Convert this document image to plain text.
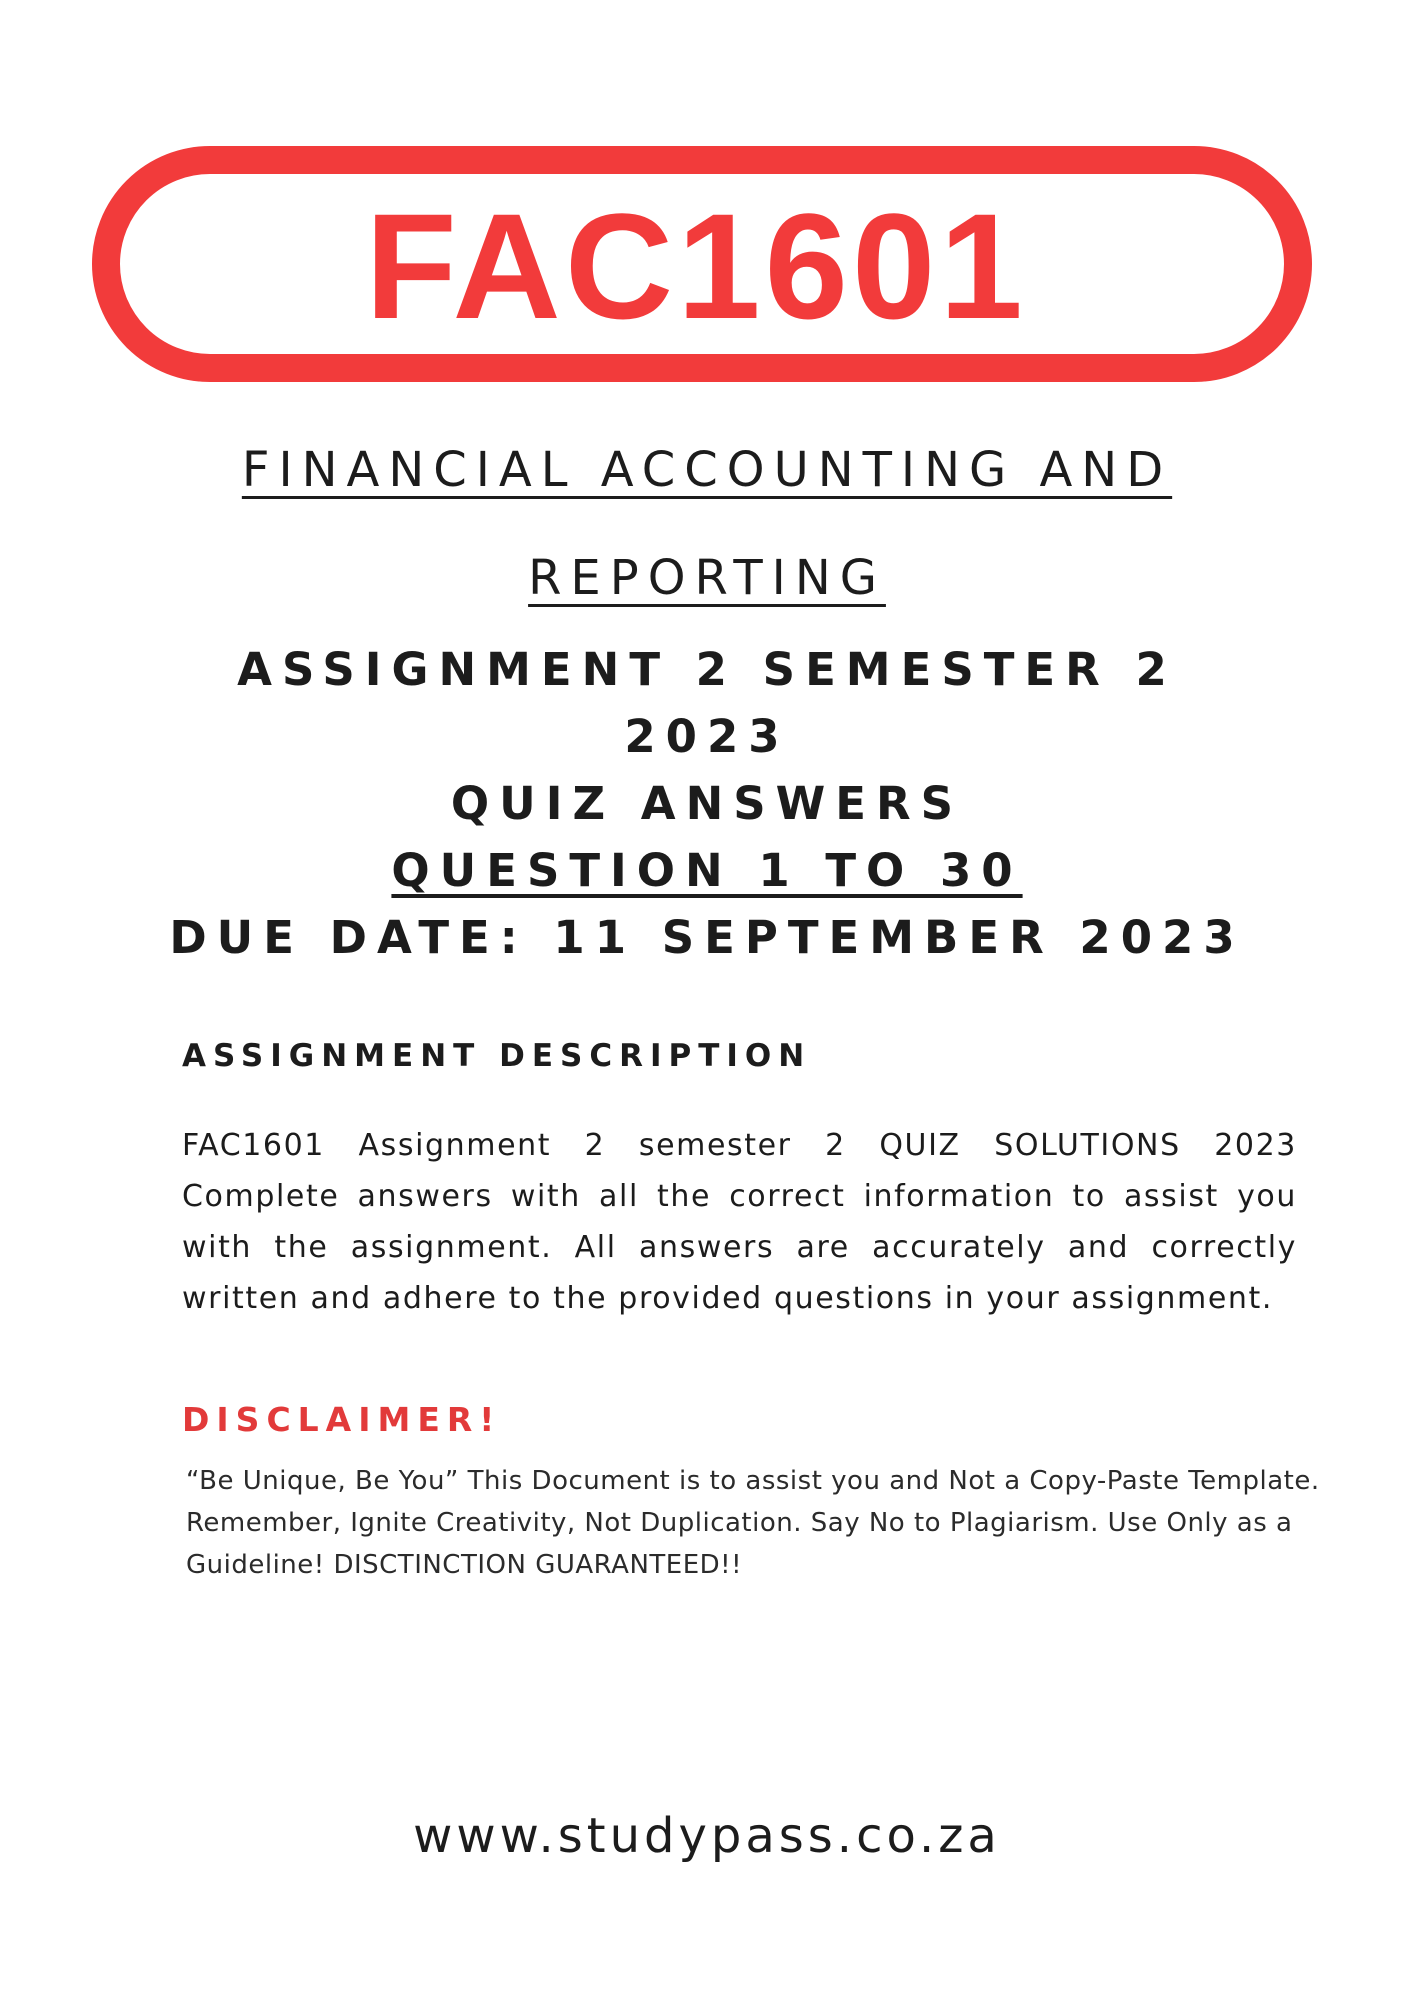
FAC1601
FINANCIAL ACCOUNTING AND
REPORTING
ASSIGNMENT 2 SEMESTER 2
2023
QUIZ ANSWERS
QUESTION 1 TO 30
DUE DATE: 11 SEPTEMBER 2023
ASSIGNMENT DESCRIPTION
FAC1601 Assignment 2 semester 2 QUIZ SOLUTIONS 2023 Complete answers with all the correct information to assist you with the assignment. All answers are accurately and correctly written and adhere to the provided questions in your assignment.
DISCLAIMER!
“Be Unique, Be You” This Document is to assist you and Not a Copy-Paste Template. Remember, Ignite Creativity, Not Duplication. Say No to Plagiarism. Use Only as a Guideline! DISCTINCTION GUARANTEED!!
www.studypass.co.za
